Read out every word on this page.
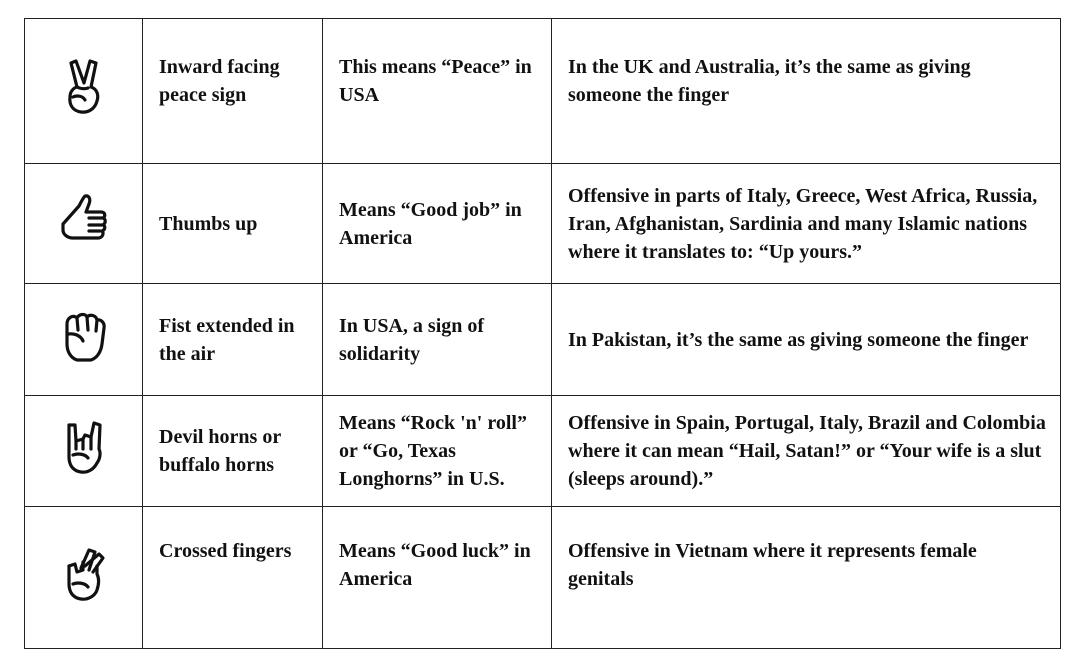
	Inward facing peace sign	This means “Peace” in USA	In the UK and Australia, it’s the same as giving someone the finger

	Thumbs up	Means “Good job” in America	Offensive in parts of Italy, Greece, West Africa, Russia, Iran, Afghanistan, Sardinia and many Islamic nations where it translates to: “Up yours.”

	Fist extended in the air	In USA, a sign of solidarity	In Pakistan, it’s the same as giving someone the finger

	Devil horns or buffalo horns	Means “Rock 'n' roll” or “Go, Texas Longhorns” in U.S.	Offensive in Spain, Portugal, Italy, Brazil and Colombia where it can mean “Hail, Satan!” or “Your wife is a slut (sleeps around).”

	Crossed fingers	Means “Good luck” in America	Offensive in Vietnam where it represents female genitals
